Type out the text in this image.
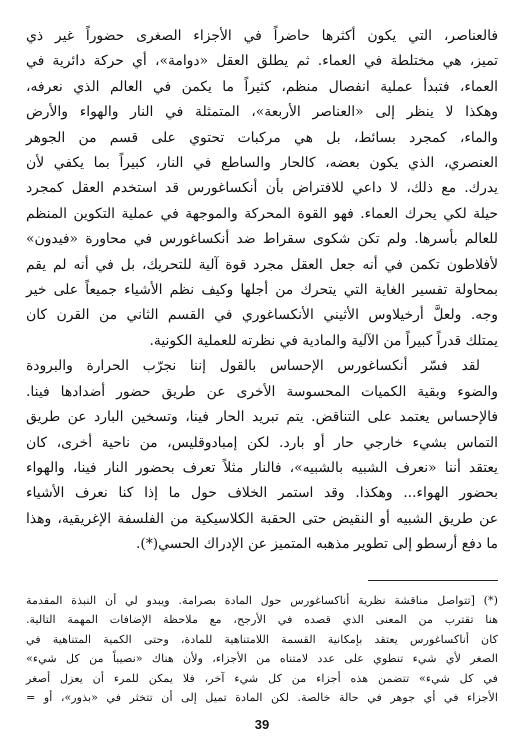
فالعناصر، التي يكون أكثرها حاضراً في الأجزاء الصغرى حضوراً غير ذي
تميز، هي مختلطة في العماء. ثم يطلق العقل «دوامة»، أي حركة دائرية في
العماء، فتبدأ عملية انفصال منظم، كثيراً ما يكمن في العالم الذي نعرفه،
وهكذا لا ينظر إلى «العناصر الأربعة»، المتمثلة في النار والهواء والأرض
والماء، كمجرد بسائط، بل هي مركبات تحتوي على قسم من الجوهر
العنصري، الذي يكون بعضه، كالحار والساطع في النار، كبيراً بما يكفي لأن
يدرك. مع ذلك، لا داعي للافتراض بأن أنكساغورس قد استخدم العقل كمجرد
حيلة لكي يحرك العماء. فهو القوة المحركة والموجهة في عملية التكوين المنظم
للعالم بأسرها. ولم تكن شكوى سقراط ضد أنكساغورس في محاورة «فيدون»
لأفلاطون تكمن في أنه جعل العقل مجرد قوة آلية للتحريك، بل في أنه لم يقم
بمحاولة تفسير الغاية التي يتحرك من أجلها وكيف نظم الأشياء جميعاً على خير
وجه. ولعلَّ أرخيلاوس الأثيني الأنكساغوري في القسم الثاني من القرن كان
يمتلك قدراً كبيراً من الآلية والمادية في نظرته للعملية الكونية.

لقد فسّر أنكساغورس الإحساس بالقول إننا نجرّب الحرارة والبرودة
والضوء وبقية الكميات المحسوسة الأخرى عن طريق حضور أضدادها فينا.
فالإحساس يعتمد على التناقض. يتم تبريد الحار فينا، وتسخين البارد عن طريق
التماس بشيء خارجي حار أو بارد. لكن إمبادوقليس، من ناحية أخرى، كان
يعتقد أننا «نعرف الشبيه بالشبيه»، فالنار مثلاً تعرف بحضور النار فينا، والهواء
بحضور الهواء... وهكذا. وقد استمر الخلاف حول ما إذا كنا نعرف الأشياء
عن طريق الشبيه أو النقيض حتى الحقبة الكلاسيكية من الفلسفة الإغريقية، وهذا
ما دفع أرسطو إلى تطوير مذهبه المتميز عن الإدراك الحسي(*).

(*) [تتواصل مناقشة نظرية أناكساغورس حول المادة بصرامة. ويبدو لي أن النبذة المقدمة
هنا تقترب من المعنى الذي قصده في الأرجح، مع ملاحظة الإضافات المهمة التالية.
كان أناكساغورس يعتقد بإمكانية القسمة اللامتناهية للمادة، وحتى الكمية المتناهية في
الصغر لأي شيء تنطوي على عدد لامتناه من الأجزاء، ولأن هناك «نصيباً من كل شيء»
في كل شيء» تتضمن هذه أجزاء من كل شيء آخر، فلا يمكن للمرء أن يعزل أصغر
الأجزاء في أي جوهر في حالة خالصة. لكن المادة تميل إلى أن تتخثر في «بذور»، أو =
39
